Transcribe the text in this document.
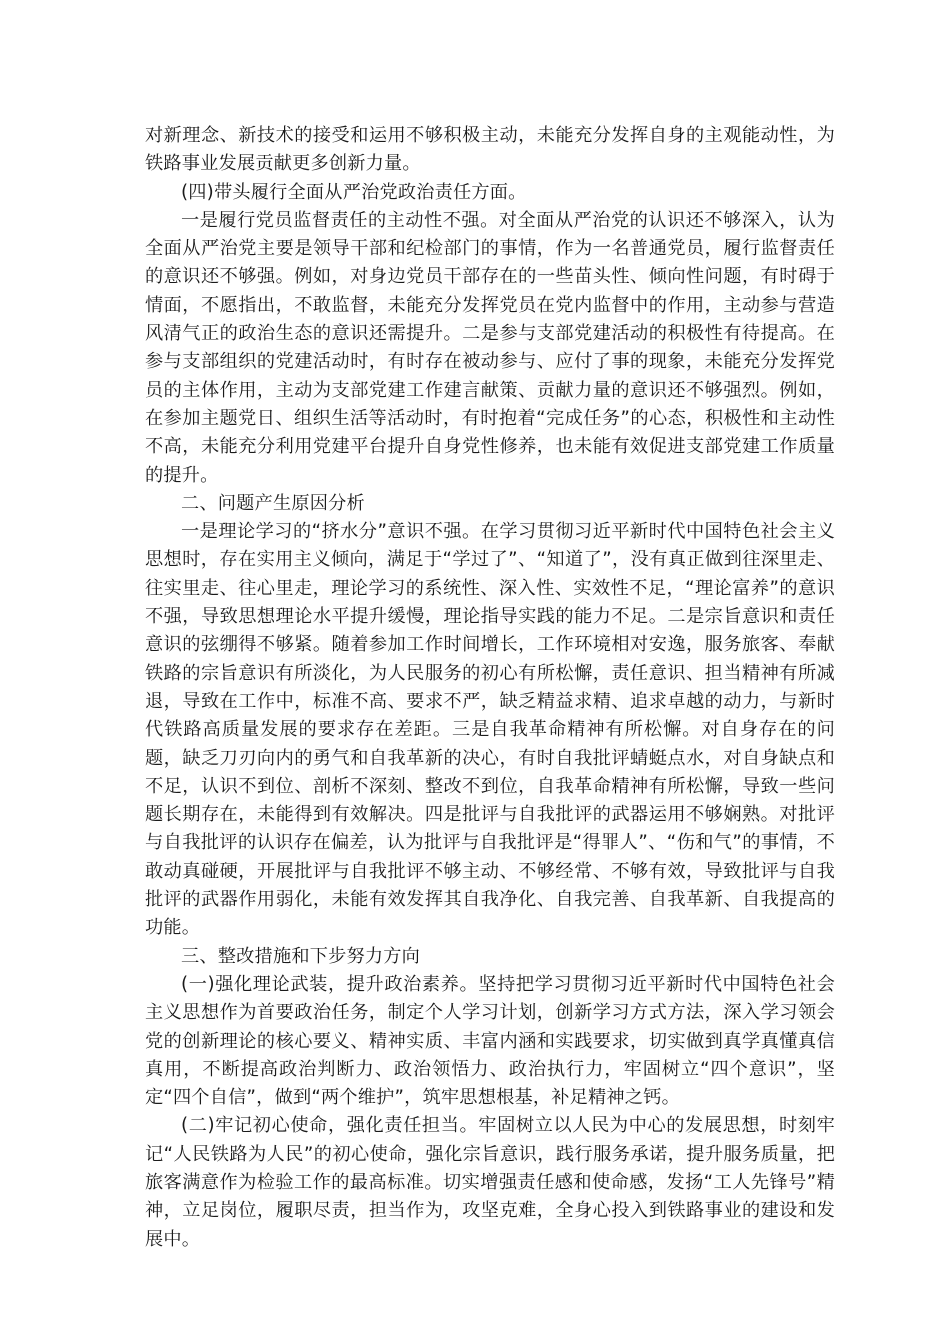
对新理念、新技术的接受和运用不够积极主动，未能充分发挥自身的主观能动性，为铁路事业发展贡献更多创新力量。

(四)带头履行全面从严治党政治责任方面。

一是履行党员监督责任的主动性不强。对全面从严治党的认识还不够深入，认为全面从严治党主要是领导干部和纪检部门的事情，作为一名普通党员，履行监督责任的意识还不够强。例如，对身边党员干部存在的一些苗头性、倾向性问题，有时碍于情面，不愿指出，不敢监督，未能充分发挥党员在党内监督中的作用，主动参与营造风清气正的政治生态的意识还需提升。二是参与支部党建活动的积极性有待提高。在参与支部组织的党建活动时，有时存在被动参与、应付了事的现象，未能充分发挥党员的主体作用，主动为支部党建工作建言献策、贡献力量的意识还不够强烈。例如，在参加主题党日、组织生活等活动时，有时抱着“完成任务”的心态，积极性和主动性不高，未能充分利用党建平台提升自身党性修养，也未能有效促进支部党建工作质量的提升。

二、问题产生原因分析

一是理论学习的“挤水分”意识不强。在学习贯彻习近平新时代中国特色社会主义思想时，存在实用主义倾向，满足于“学过了”、“知道了”，没有真正做到往深里走、往实里走、往心里走，理论学习的系统性、深入性、实效性不足，“理论富养”的意识不强，导致思想理论水平提升缓慢，理论指导实践的能力不足。二是宗旨意识和责任意识的弦绷得不够紧。随着参加工作时间增长，工作环境相对安逸，服务旅客、奉献铁路的宗旨意识有所淡化，为人民服务的初心有所松懈，责任意识、担当精神有所减退，导致在工作中，标准不高、要求不严，缺乏精益求精、追求卓越的动力，与新时代铁路高质量发展的要求存在差距。三是自我革命精神有所松懈。对自身存在的问题，缺乏刀刃向内的勇气和自我革新的决心，有时自我批评蜻蜓点水，对自身缺点和不足，认识不到位、剖析不深刻、整改不到位，自我革命精神有所松懈，导致一些问题长期存在，未能得到有效解决。四是批评与自我批评的武器运用不够娴熟。对批评与自我批评的认识存在偏差，认为批评与自我批评是“得罪人”、“伤和气”的事情，不敢动真碰硬，开展批评与自我批评不够主动、不够经常、不够有效，导致批评与自我批评的武器作用弱化，未能有效发挥其自我净化、自我完善、自我革新、自我提高的功能。

三、整改措施和下步努力方向

(一)强化理论武装，提升政治素养。坚持把学习贯彻习近平新时代中国特色社会主义思想作为首要政治任务，制定个人学习计划，创新学习方式方法，深入学习领会党的创新理论的核心要义、精神实质、丰富内涵和实践要求，切实做到真学真懂真信真用，不断提高政治判断力、政治领悟力、政治执行力，牢固树立“四个意识”，坚定“四个自信”，做到“两个维护”，筑牢思想根基，补足精神之钙。

(二)牢记初心使命，强化责任担当。牢固树立以人民为中心的发展思想，时刻牢记“人民铁路为人民”的初心使命，强化宗旨意识，践行服务承诺，提升服务质量，把旅客满意作为检验工作的最高标准。切实增强责任感和使命感，发扬“工人先锋号”精神，立足岗位，履职尽责，担当作为，攻坚克难，全身心投入到铁路事业的建设和发展中。
